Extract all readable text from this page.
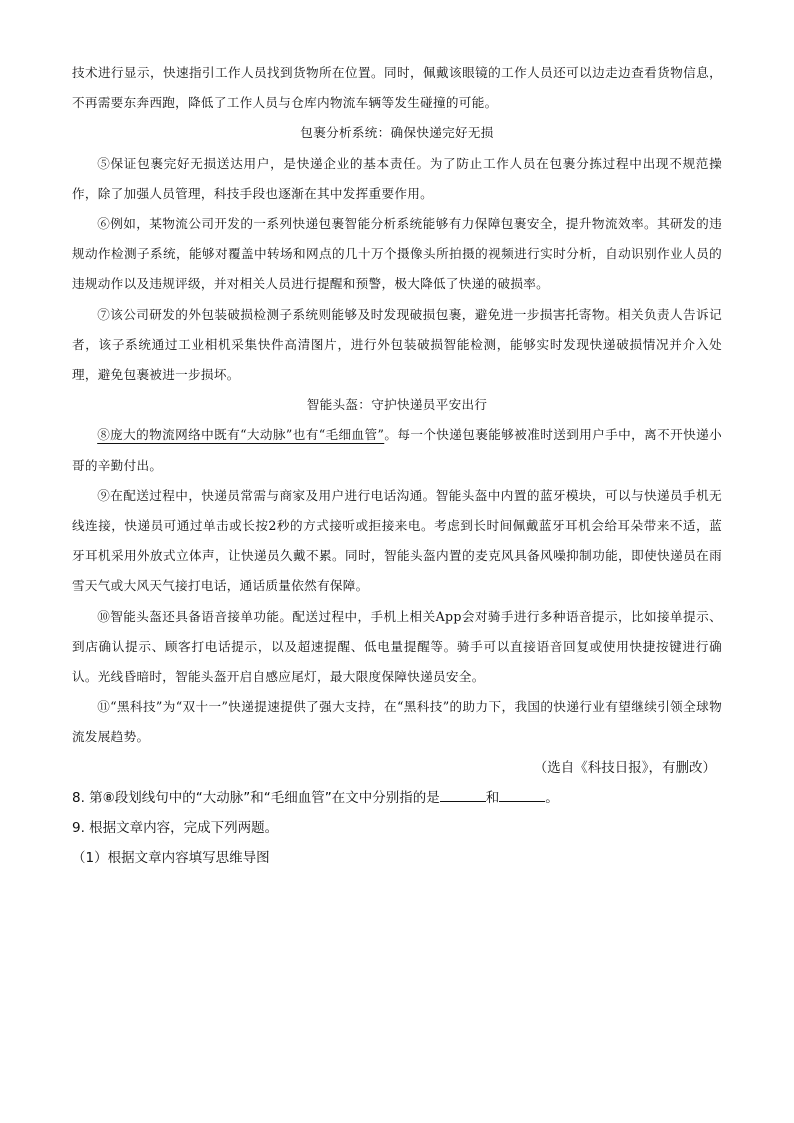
技术进行显示，快速指引工作人员找到货物所在位置。同时，佩戴该眼镜的工作人员还可以边走边查看货物信息，不再需要东奔西跑，降低了工作人员与仓库内物流车辆等发生碰撞的可能。

包裹分析系统：确保快递完好无损

⑤保证包裹完好无损送达用户，是快递企业的基本责任。为了防止工作人员在包裹分拣过程中出现不规范操作，除了加强人员管理，科技手段也逐渐在其中发挥重要作用。

⑥例如，某物流公司开发的一系列快递包裹智能分析系统能够有力保障包裹安全，提升物流效率。其研发的违规动作检测子系统，能够对覆盖中转场和网点的几十万个摄像头所拍摄的视频进行实时分析，自动识别作业人员的违规动作以及违规评级，并对相关人员进行提醒和预警，极大降低了快递的破损率。

⑦该公司研发的外包装破损检测子系统则能够及时发现破损包裹，避免进一步损害托寄物。相关负责人告诉记者，该子系统通过工业相机采集快件高清图片，进行外包装破损智能检测，能够实时发现快递破损情况并介入处理，避免包裹被进一步损坏。

智能头盔：守护快递员平安出行

⑧庞大的物流网络中既有“大动脉”也有“毛细血管”。每一个快递包裹能够被准时送到用户手中，离不开快递小哥的辛勤付出。

⑨在配送过程中，快递员常需与商家及用户进行电话沟通。智能头盔中内置的蓝牙模块，可以与快递员手机无线连接，快递员可通过单击或长按2秒的方式接听或拒接来电。考虑到长时间佩戴蓝牙耳机会给耳朵带来不适，蓝牙耳机采用外放式立体声，让快递员久戴不累。同时，智能头盔内置的麦克风具备风噪抑制功能，即使快递员在雨雪天气或大风天气接打电话，通话质量依然有保障。

⑩智能头盔还具备语音接单功能。配送过程中，手机上相关App会对骑手进行多种语音提示，比如接单提示、到店确认提示、顾客打电话提示，以及超速提醒、低电量提醒等。骑手可以直接语音回复或使用快捷按键进行确认。光线昏暗时，智能头盔开启自感应尾灯，最大限度保障快递员安全。

⑪“黑科技”为“双十一”快递提速提供了强大支持，在“黑科技”的助力下，我国的快递行业有望继续引领全球物流发展趋势。

（选自《科技日报》，有删改）

8. 第⑧段划线句中的“大动脉”和“毛细血管”在文中分别指的是	和	。

9. 根据文章内容，完成下列两题。

（1）根据文章内容填写思维导图
